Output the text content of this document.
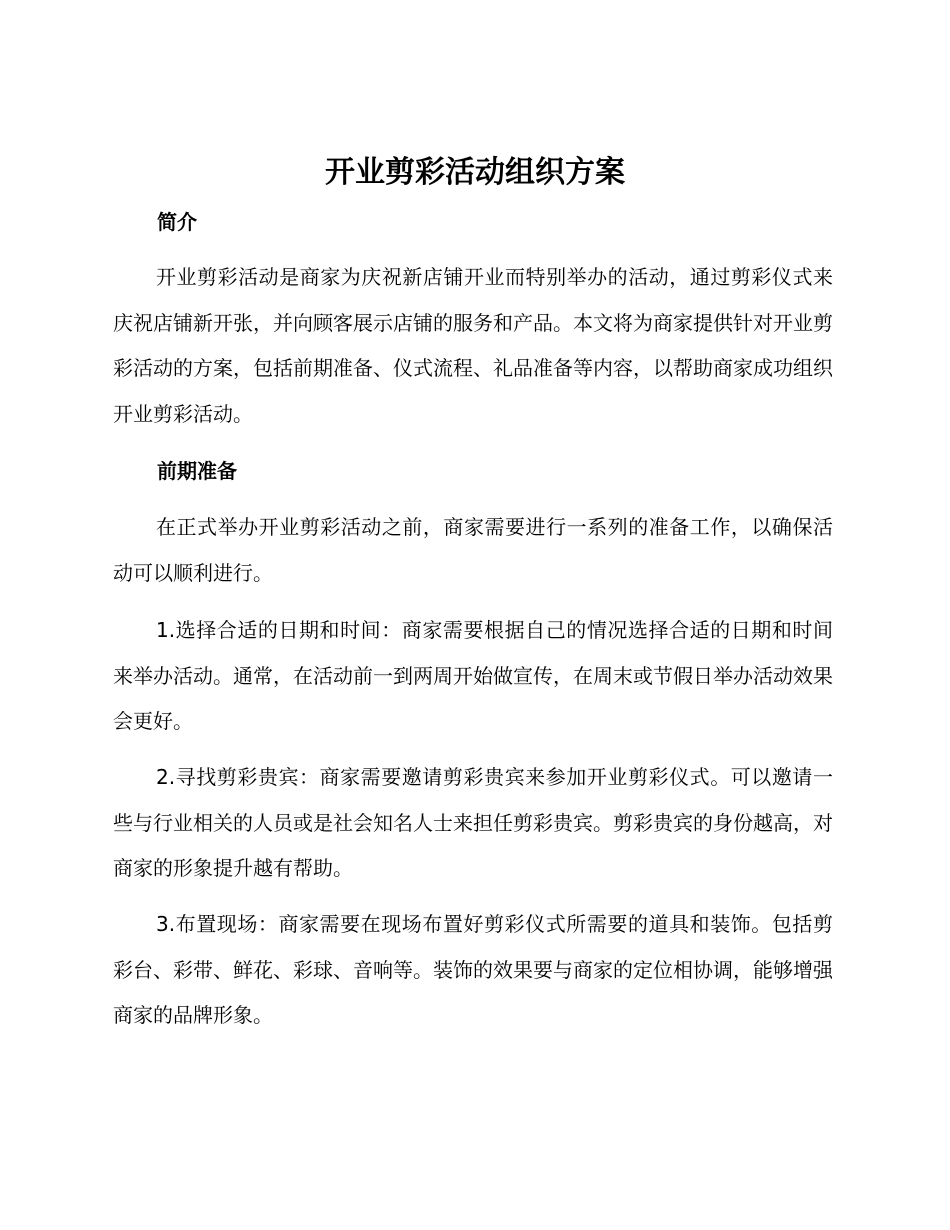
开业剪彩活动组织方案
简介

开业剪彩活动是商家为庆祝新店铺开业而特别举办的活动，通过剪彩仪式来庆祝店铺新开张，并向顾客展示店铺的服务和产品。本文将为商家提供针对开业剪彩活动的方案，包括前期准备、仪式流程、礼品准备等内容，以帮助商家成功组织开业剪彩活动。

前期准备

在正式举办开业剪彩活动之前，商家需要进行一系列的准备工作，以确保活动可以顺利进行。

1.选择合适的日期和时间：商家需要根据自己的情况选择合适的日期和时间来举办活动。通常，在活动前一到两周开始做宣传，在周末或节假日举办活动效果会更好。

2.寻找剪彩贵宾：商家需要邀请剪彩贵宾来参加开业剪彩仪式。可以邀请一些与行业相关的人员或是社会知名人士来担任剪彩贵宾。剪彩贵宾的身份越高，对商家的形象提升越有帮助。

3.布置现场：商家需要在现场布置好剪彩仪式所需要的道具和装饰。包括剪彩台、彩带、鲜花、彩球、音响等。装饰的效果要与商家的定位相协调，能够增强商家的品牌形象。
